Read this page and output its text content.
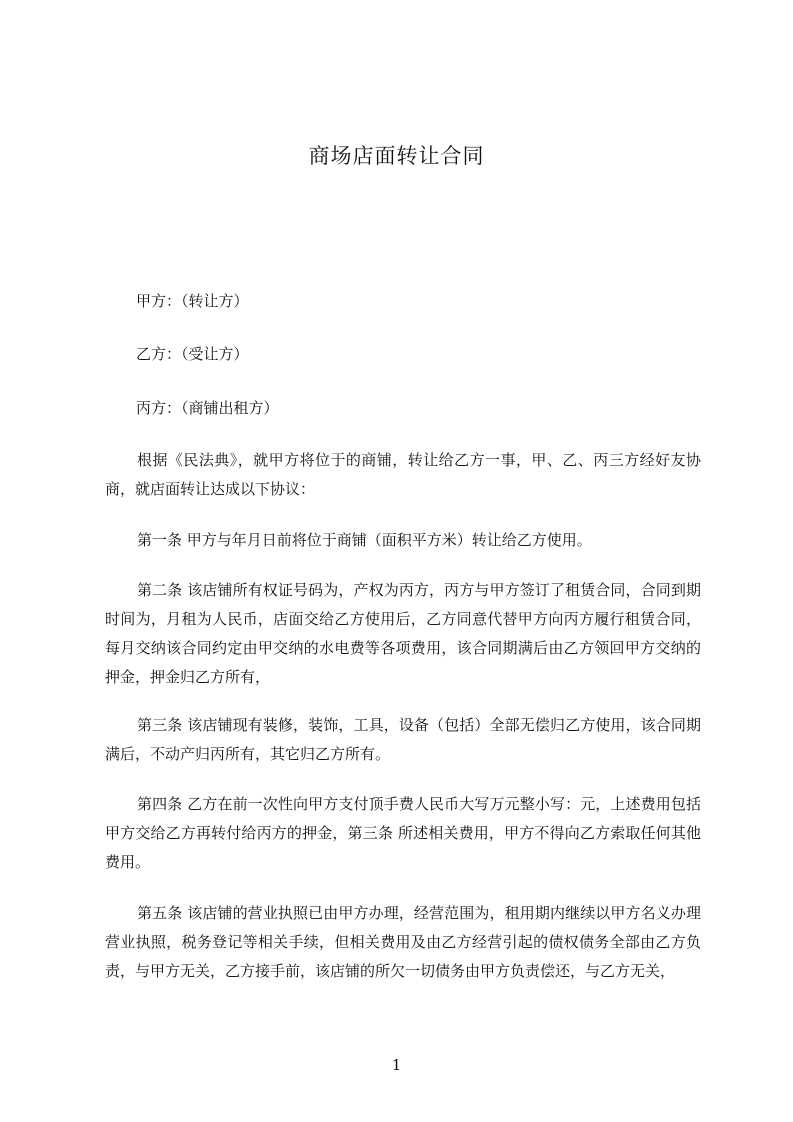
商场店面转让合同
甲方：（转让方）
乙方：（受让方）
丙方：（商铺出租方）
根据《民法典》，就甲方将位于的商铺，转让给乙方一事，甲、乙、丙三方经好友协商，就店面转让达成以下协议：
第一条 甲方与年月日前将位于商铺（面积平方米）转让给乙方使用。
第二条 该店铺所有权证号码为，产权为丙方，丙方与甲方签订了租赁合同，合同到期时间为，月租为人民币，店面交给乙方使用后，乙方同意代替甲方向丙方履行租赁合同，每月交纳该合同约定由甲交纳的水电费等各项费用，该合同期满后由乙方领回甲方交纳的押金，押金归乙方所有，
第三条 该店铺现有装修，装饰，工具，设备（包括）全部无偿归乙方使用，该合同期满后，不动产归丙所有，其它归乙方所有。
第四条 乙方在前一次性向甲方支付顶手费人民币大写万元整小写：元，上述费用包括甲方交给乙方再转付给丙方的押金，第三条 所述相关费用，甲方不得向乙方索取任何其他费用。
第五条 该店铺的营业执照已由甲方办理，经营范围为，租用期内继续以甲方名义办理营业执照，税务登记等相关手续，但相关费用及由乙方经营引起的债权债务全部由乙方负责，与甲方无关，乙方接手前，该店铺的所欠一切债务由甲方负责偿还，与乙方无关，
1
